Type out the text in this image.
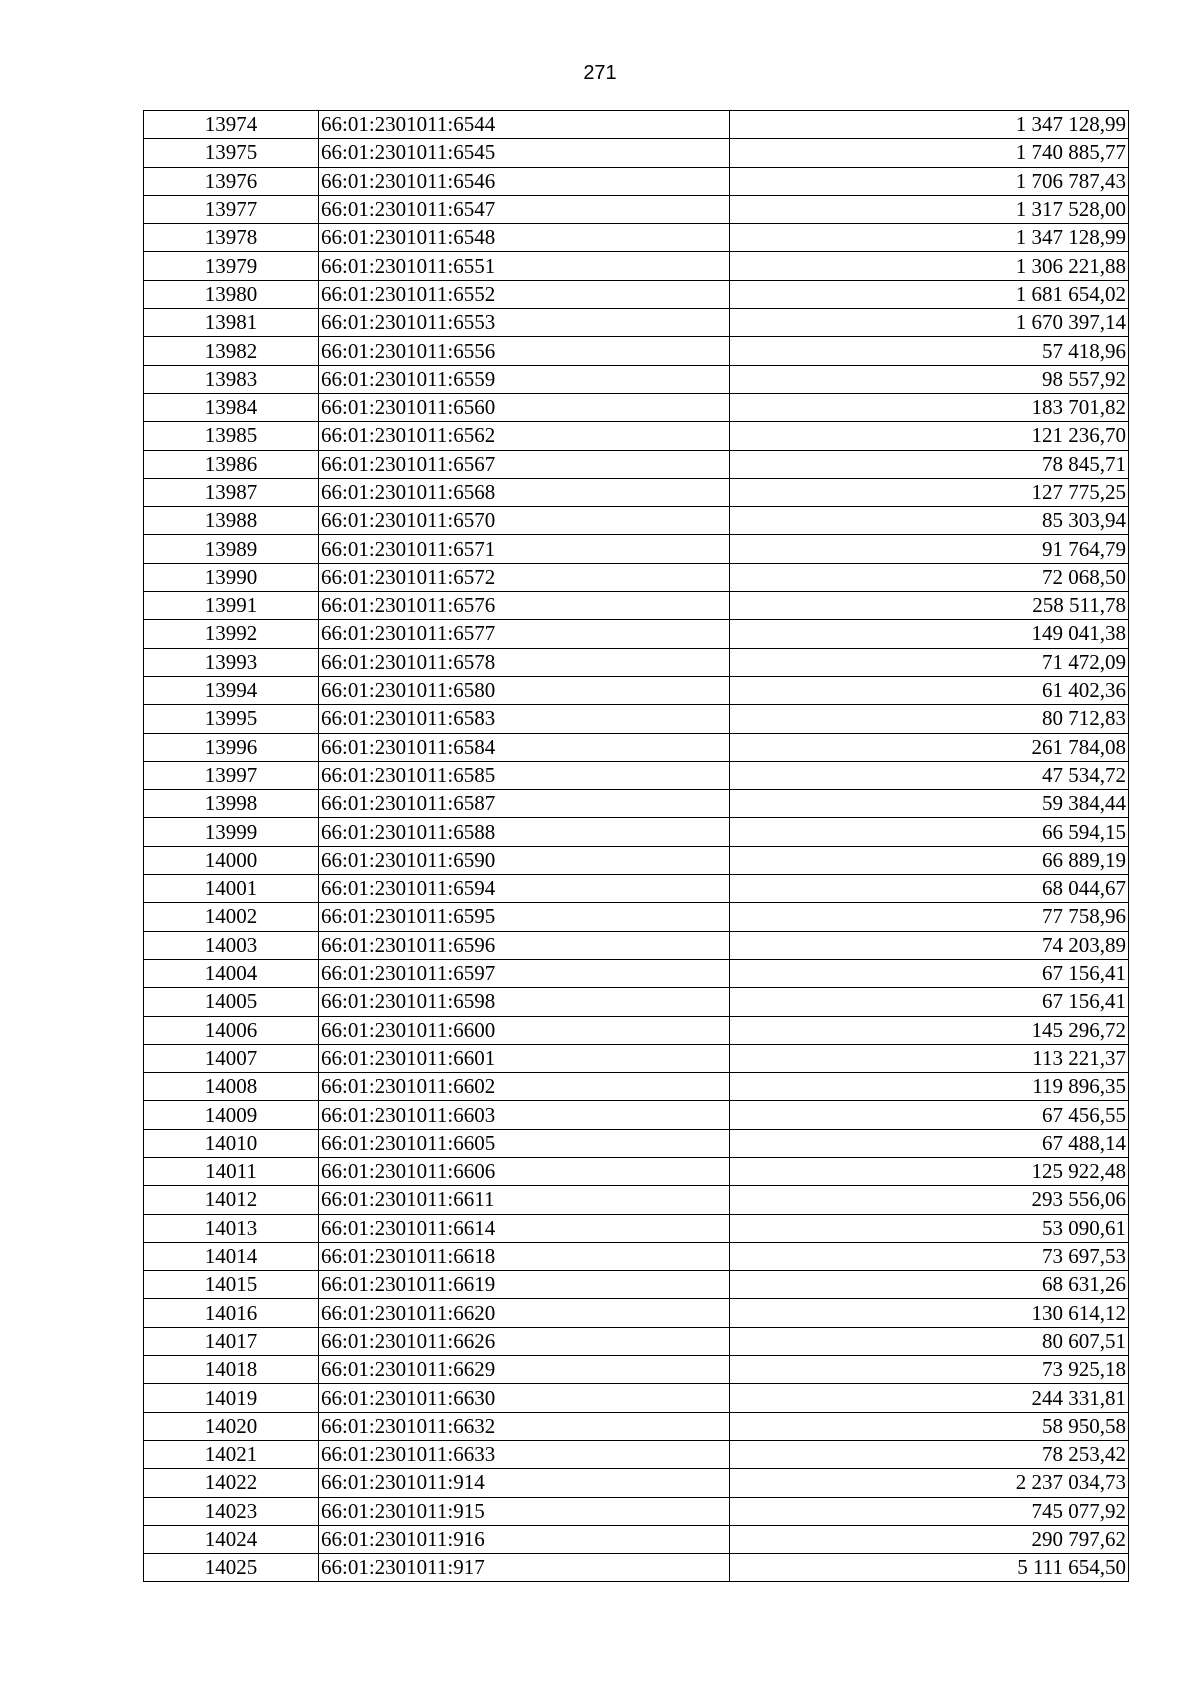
271
13974	66:01:2301011:6544	1 347 128,99
13975	66:01:2301011:6545	1 740 885,77
13976	66:01:2301011:6546	1 706 787,43
13977	66:01:2301011:6547	1 317 528,00
13978	66:01:2301011:6548	1 347 128,99
13979	66:01:2301011:6551	1 306 221,88
13980	66:01:2301011:6552	1 681 654,02
13981	66:01:2301011:6553	1 670 397,14
13982	66:01:2301011:6556	57 418,96
13983	66:01:2301011:6559	98 557,92
13984	66:01:2301011:6560	183 701,82
13985	66:01:2301011:6562	121 236,70
13986	66:01:2301011:6567	78 845,71
13987	66:01:2301011:6568	127 775,25
13988	66:01:2301011:6570	85 303,94
13989	66:01:2301011:6571	91 764,79
13990	66:01:2301011:6572	72 068,50
13991	66:01:2301011:6576	258 511,78
13992	66:01:2301011:6577	149 041,38
13993	66:01:2301011:6578	71 472,09
13994	66:01:2301011:6580	61 402,36
13995	66:01:2301011:6583	80 712,83
13996	66:01:2301011:6584	261 784,08
13997	66:01:2301011:6585	47 534,72
13998	66:01:2301011:6587	59 384,44
13999	66:01:2301011:6588	66 594,15
14000	66:01:2301011:6590	66 889,19
14001	66:01:2301011:6594	68 044,67
14002	66:01:2301011:6595	77 758,96
14003	66:01:2301011:6596	74 203,89
14004	66:01:2301011:6597	67 156,41
14005	66:01:2301011:6598	67 156,41
14006	66:01:2301011:6600	145 296,72
14007	66:01:2301011:6601	113 221,37
14008	66:01:2301011:6602	119 896,35
14009	66:01:2301011:6603	67 456,55
14010	66:01:2301011:6605	67 488,14
14011	66:01:2301011:6606	125 922,48
14012	66:01:2301011:6611	293 556,06
14013	66:01:2301011:6614	53 090,61
14014	66:01:2301011:6618	73 697,53
14015	66:01:2301011:6619	68 631,26
14016	66:01:2301011:6620	130 614,12
14017	66:01:2301011:6626	80 607,51
14018	66:01:2301011:6629	73 925,18
14019	66:01:2301011:6630	244 331,81
14020	66:01:2301011:6632	58 950,58
14021	66:01:2301011:6633	78 253,42
14022	66:01:2301011:914	2 237 034,73
14023	66:01:2301011:915	745 077,92
14024	66:01:2301011:916	290 797,62
14025	66:01:2301011:917	5 111 654,50
